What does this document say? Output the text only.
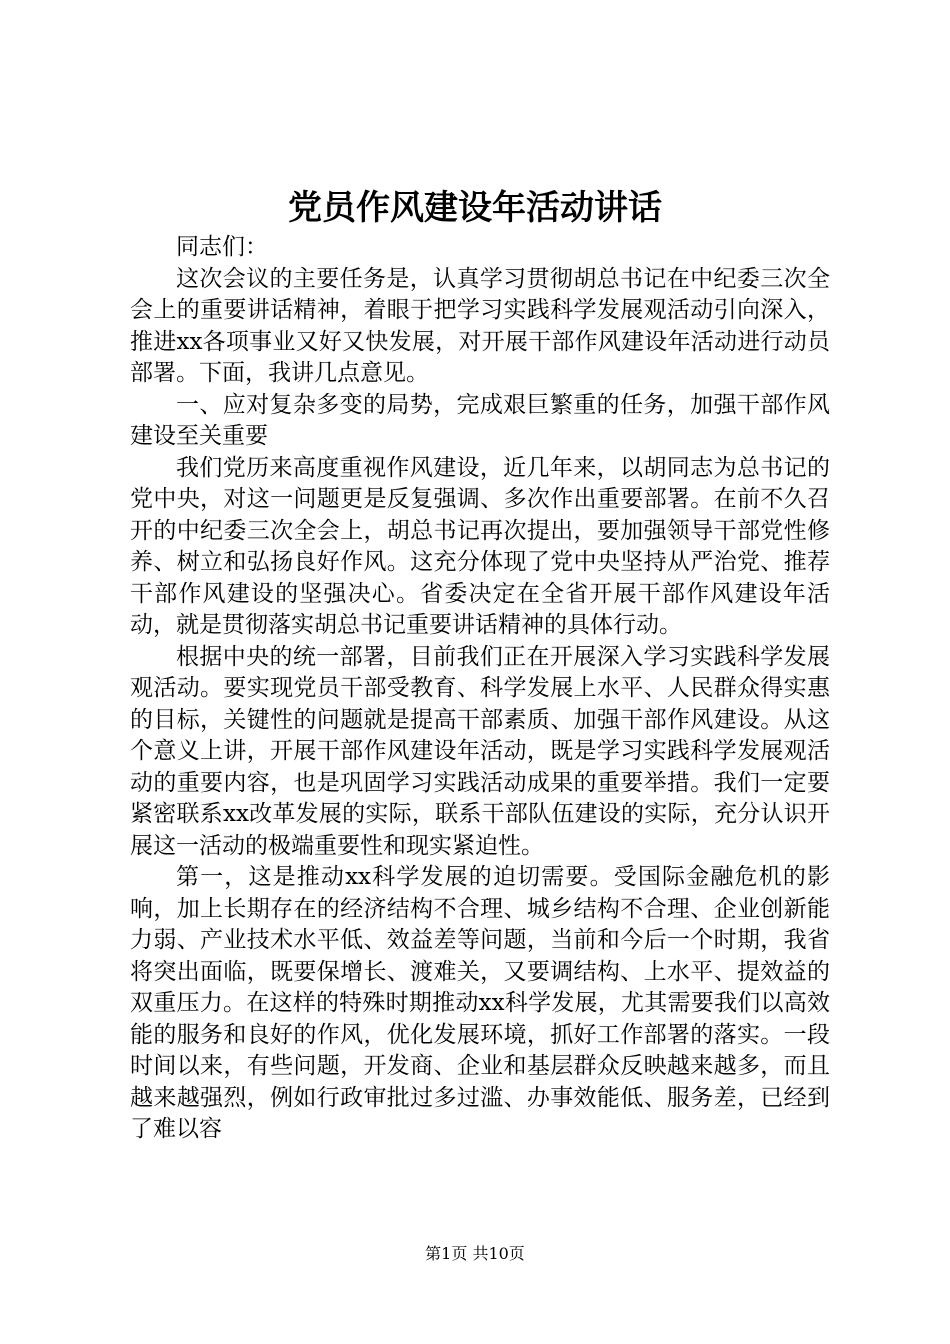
党员作风建设年活动讲话

同志们：

这次会议的主要任务是，认真学习贯彻胡总书记在中纪委三次全会上的重要讲话精神，着眼于把学习实践科学发展观活动引向深入，推进xx各项事业又好又快发展，对开展干部作风建设年活动进行动员部署。下面，我讲几点意见。

一、应对复杂多变的局势，完成艰巨繁重的任务，加强干部作风建设至关重要

我们党历来高度重视作风建设，近几年来，以胡同志为总书记的党中央，对这一问题更是反复强调、多次作出重要部署。在前不久召开的中纪委三次全会上，胡总书记再次提出，要加强领导干部党性修养、树立和弘扬良好作风。这充分体现了党中央坚持从严治党、推荐干部作风建设的坚强决心。省委决定在全省开展干部作风建设年活动，就是贯彻落实胡总书记重要讲话精神的具体行动。

根据中央的统一部署，目前我们正在开展深入学习实践科学发展观活动。要实现党员干部受教育、科学发展上水平、人民群众得实惠的目标，关键性的问题就是提高干部素质、加强干部作风建设。从这个意义上讲，开展干部作风建设年活动，既是学习实践科学发展观活动的重要内容，也是巩固学习实践活动成果的重要举措。我们一定要紧密联系xx改革发展的实际，联系干部队伍建设的实际，充分认识开展这一活动的极端重要性和现实紧迫性。

第一，这是推动xx科学发展的迫切需要。受国际金融危机的影响，加上长期存在的经济结构不合理、城乡结构不合理、企业创新能力弱、产业技术水平低、效益差等问题，当前和今后一个时期，我省将突出面临，既要保增长、渡难关，又要调结构、上水平、提效益的双重压力。在这样的特殊时期推动xx科学发展，尤其需要我们以高效能的服务和良好的作风，优化发展环境，抓好工作部署的落实。一段时间以来，有些问题，开发商、企业和基层群众反映越来越多，而且越来越强烈，例如行政审批过多过滥、办事效能低、服务差，已经到了难以容

第1页 共10页
